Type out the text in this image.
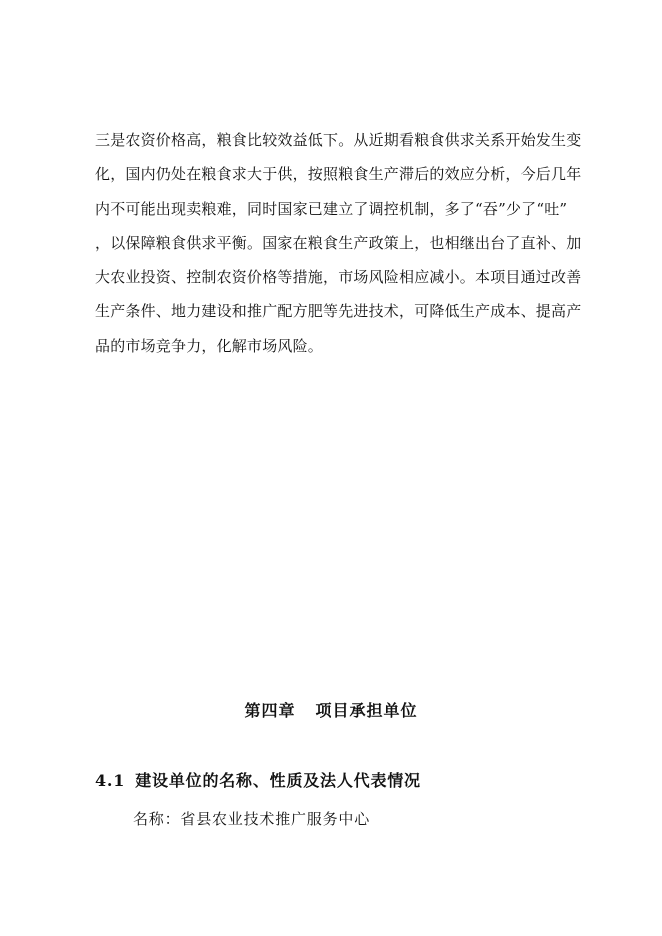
三是农资价格高，粮食比较效益低下。从近期看粮食供求关系开始发生变
化，国内仍处在粮食求大于供，按照粮食生产滞后的效应分析，今后几年
内不可能出现卖粮难，同时国家已建立了调控机制，多了“吞”少了“吐”
，以保障粮食供求平衡。国家在粮食生产政策上，也相继出台了直补、加
大农业投资、控制农资价格等措施，市场风险相应减小。本项目通过改善
生产条件、地力建设和推广配方肥等先进技术，可降低生产成本、提高产
品的市场竞争力，化解市场风险。
第四章 项目承担单位
4.1 建设单位的名称、性质及法人代表情况
名称：省县农业技术推广服务中心
